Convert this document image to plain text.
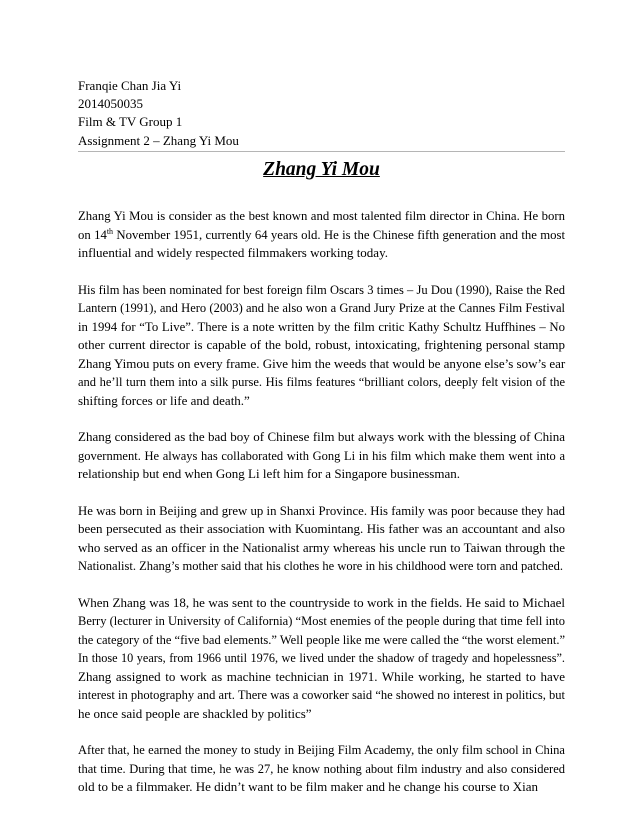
Franqie Chan Jia Yi
2014050035
Film & TV Group 1
Assignment 2 – Zhang Yi Mou
Zhang Yi Mou
Zhang Yi Mou is consider as the best known and most talented film director in China. He born
on 14th November 1951, currently 64 years old. He is the Chinese fifth generation and the most
influential and widely respected filmmakers working today.
His film has been nominated for best foreign film Oscars 3 times – Ju Dou (1990), Raise the Red
Lantern (1991), and Hero (2003) and he also won a Grand Jury Prize at the Cannes Film Festival
in 1994 for “To Live”. There is a note written by the film critic Kathy Schultz Huffhines – No
other current director is capable of the bold, robust, intoxicating, frightening personal stamp
Zhang Yimou puts on every frame. Give him the weeds that would be anyone else’s sow’s ear
and he’ll turn them into a silk purse. His films features “brilliant colors, deeply felt vision of the
shifting forces or life and death.”
Zhang considered as the bad boy of Chinese film but always work with the blessing of China
government. He always has collaborated with Gong Li in his film which make them went into a
relationship but end when Gong Li left him for a Singapore businessman.
He was born in Beijing and grew up in Shanxi Province. His family was poor because they had
been persecuted as their association with Kuomintang. His father was an accountant and also
who served as an officer in the Nationalist army whereas his uncle run to Taiwan through the
Nationalist. Zhang’s mother said that his clothes he wore in his childhood were torn and patched.
When Zhang was 18, he was sent to the countryside to work in the fields. He said to Michael
Berry (lecturer in University of California) “Most enemies of the people during that time fell into
the category of the “five bad elements.” Well people like me were called the “the worst element.”
In those 10 years, from 1966 until 1976, we lived under the shadow of tragedy and hopelessness”.
Zhang assigned to work as machine technician in 1971. While working, he started to have
interest in photography and art. There was a coworker said “he showed no interest in politics, but
he once said people are shackled by politics”
After that, he earned the money to study in Beijing Film Academy, the only film school in China
that time. During that time, he was 27, he know nothing about film industry and also considered
old to be a filmmaker. He didn’t want to be film maker and he change his course to Xian
